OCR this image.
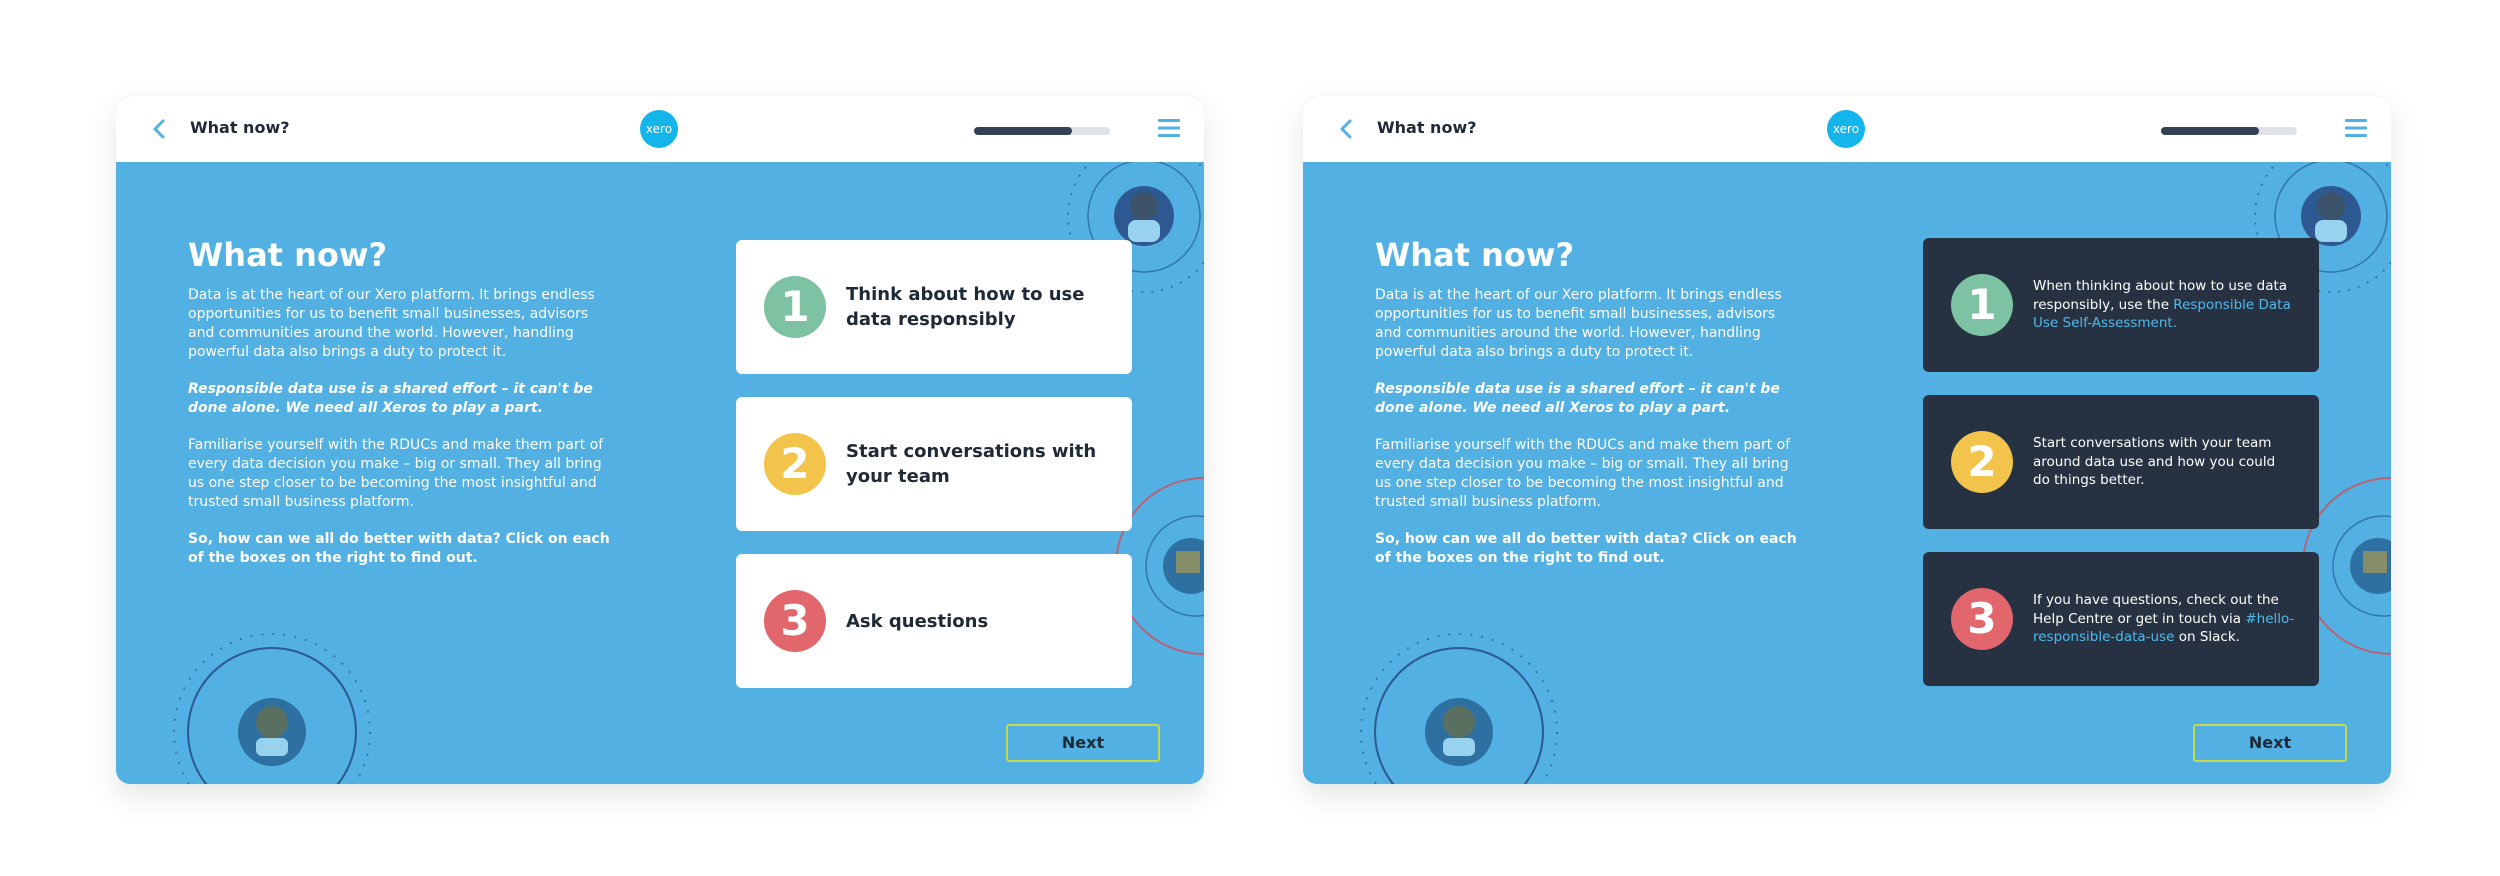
What now?	xero
What now?

Data is at the heart of our Xero platform. It brings endless opportunities for us to benefit small businesses, advisors and communities around the world. However, handling powerful data also brings a duty to protect it.

Responsible data use is a shared effort – it can't be done alone. We need all Xeros to play a part.

Familiarise yourself with the RDUCs and make them part of every data decision you make – big or small. They all bring us one step closer to be becoming the most insightful and trusted small business platform.

So, how can we all do better with data? Click on each of the boxes on the right to find out.

1	Think about how to use data responsibly
2	Start conversations with your team
3	Ask questions
Next
What now?	xero
What now?

Data is at the heart of our Xero platform. It brings endless opportunities for us to benefit small businesses, advisors and communities around the world. However, handling powerful data also brings a duty to protect it.

Responsible data use is a shared effort – it can't be done alone. We need all Xeros to play a part.

Familiarise yourself with the RDUCs and make them part of every data decision you make – big or small. They all bring us one step closer to be becoming the most insightful and trusted small business platform.

So, how can we all do better with data? Click on each of the boxes on the right to find out.

1	When thinking about how to use data responsibly, use the Responsible Data Use Self-Assessment.

2	Start conversations with your team around data use and how you could do things better.

3	If you have questions, check out the Help Centre or get in touch via #hello-responsible-data-use on Slack.

Next
